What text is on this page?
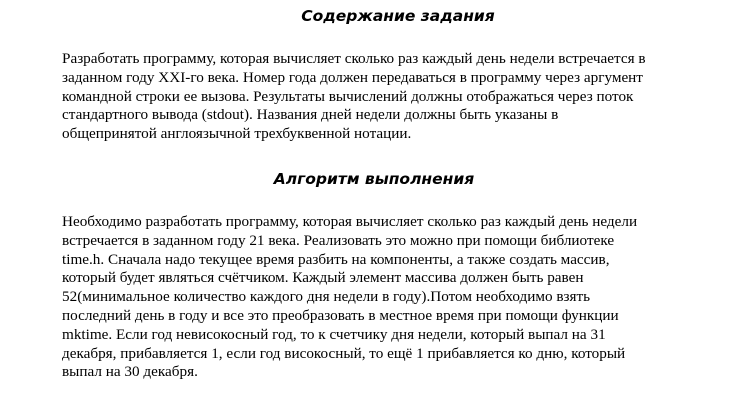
Содержание задания

Разработать программу, которая вычисляет сколько раз каждый день недели встречается в
заданном году XXI-го века. Номер года должен передаваться в программу через аргумент
командной строки ее вызова. Результаты вычислений должны отображаться через поток
стандартного вывода (stdout). Названия дней недели должны быть указаны в
общепринятой англоязычной трехбуквенной нотации.

Алгоритм выполнения

Необходимо разработать программу, которая вычисляет сколько раз каждый день недели
встречается в заданном году 21 века. Реализовать это можно при помощи библиотеке
time.h. Сначала надо текущее время разбить на компоненты, а также создать массив,
который будет являться счётчиком. Каждый элемент массива должен быть равен
52(минимальное количество каждого дня недели в году).Потом необходимо взять
последний день в году и все это преобразовать в местное время при помощи функции
mktime. Если год невисокосный год, то к счетчику дня недели, который выпал на 31
декабря, прибавляется 1, если год високосный, то ещё 1 прибавляется ко дню, который
выпал на 30 декабря.
